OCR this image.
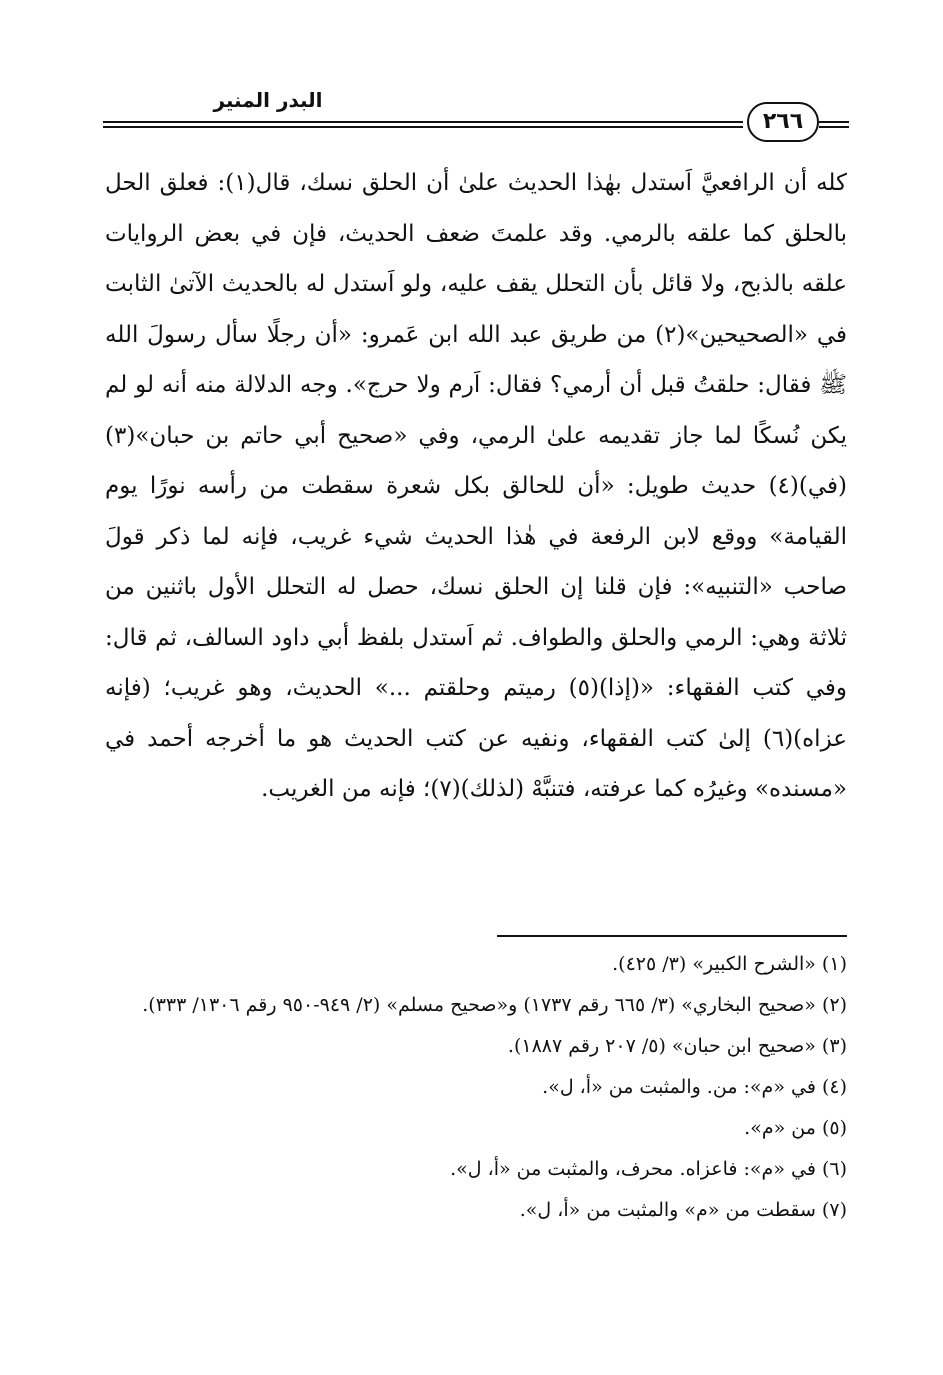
البدر المنير
٢٦٦

كله أن الرافعيَّ اَستدل بهٰذا الحديث علىٰ أن الحلق نسك، قال(١): فعلق الحل بالحلق كما علقه بالرمي. وقد علمتَ ضعف الحديث، فإن في بعض الروايات علقه بالذبح، ولا قائل بأن التحلل يقف عليه، ولو اَستدل له بالحديث الآتىٰ الثابت في «الصحيحين»(٢) من طريق عبد الله ابن عَمرو: «أن رجلًا سأل رسولَ الله ﷺ فقال: حلقتُ قبل أن أرمي؟ فقال: اَرم ولا حرج». وجه الدلالة منه أنه لو لم يكن نُسكًا لما جاز تقديمه علىٰ الرمي، وفي «صحيح أبي حاتم بن حبان»(٣) (في)(٤) حديث طويل: «أن للحالق بكل شعرة سقطت من رأسه نورًا يوم القيامة» ووقع لابن الرفعة في هٰذا الحديث شيء غريب، فإنه لما ذكر قولَ صاحب «التنبيه»: فإن قلنا إن الحلق نسك، حصل له التحلل الأول باثنين من ثلاثة وهي: الرمي والحلق والطواف. ثم اَستدل بلفظ أبي داود السالف، ثم قال: وفي كتب الفقهاء: «(إذا)(٥) رميتم وحلقتم ...» الحديث، وهو غريب؛ (فإنه عزاه)(٦) إلىٰ كتب الفقهاء، ونفيه عن كتب الحديث هو ما أخرجه أحمد في «مسنده» وغيرُه كما عرفته، فتنبَّهْ (لذلك)(٧)؛ فإنه من الغريب.

(١) «الشرح الكبير» (٣/ ٤٢٥).

(٢) «صحيح البخاري» (٣/ ٦٦٥ رقم ١٧٣٧) و«صحيح مسلم» (٢/ ٩٤٩-٩٥٠ رقم ١٣٠٦/ ٣٣٣).

(٣) «صحيح ابن حبان» (٥/ ٢٠٧ رقم ١٨٨٧).

(٤) في «م»: من. والمثبت من «أ، ل».

(٥) من «م».

(٦) في «م»: فاعزاه. محرف، والمثبت من «أ، ل».

(٧) سقطت من «م» والمثبت من «أ، ل».
